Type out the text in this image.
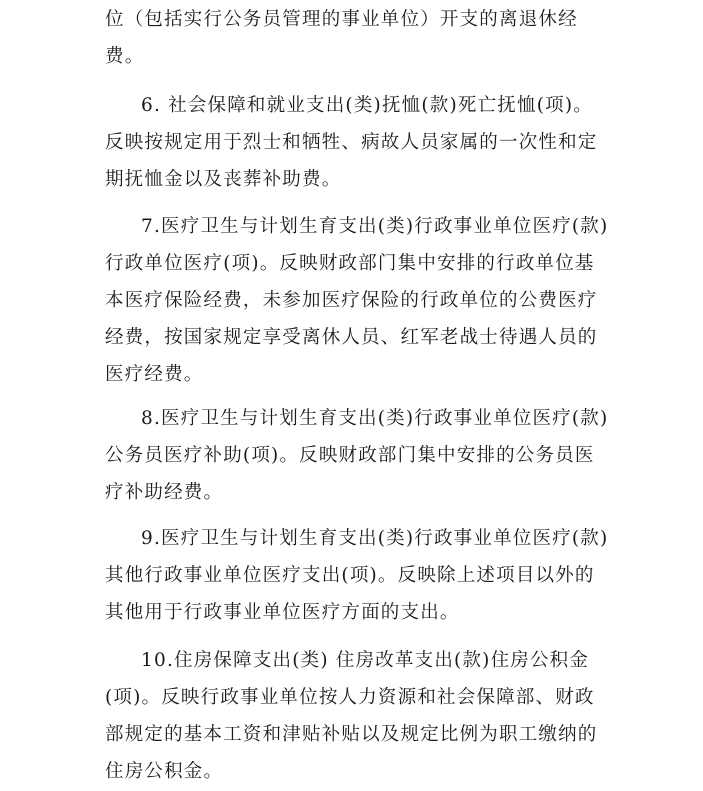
位（包括实行公务员管理的事业单位）开支的离退休经
费。

6. 社会保障和就业支出(类)抚恤(款)死亡抚恤(项)。
反映按规定用于烈士和牺牲、病故人员家属的一次性和定
期抚恤金以及丧葬补助费。

7.医疗卫生与计划生育支出(类)行政事业单位医疗(款)
行政单位医疗(项)。反映财政部门集中安排的行政单位基
本医疗保险经费，未参加医疗保险的行政单位的公费医疗
经费，按国家规定享受离休人员、红军老战士待遇人员的
医疗经费。

8.医疗卫生与计划生育支出(类)行政事业单位医疗(款)
公务员医疗补助(项)。反映财政部门集中安排的公务员医
疗补助经费。

9.医疗卫生与计划生育支出(类)行政事业单位医疗(款)
其他行政事业单位医疗支出(项)。反映除上述项目以外的
其他用于行政事业单位医疗方面的支出。

10.住房保障支出(类) 住房改革支出(款)住房公积金
(项)。反映行政事业单位按人力资源和社会保障部、财政
部规定的基本工资和津贴补贴以及规定比例为职工缴纳的
住房公积金。
